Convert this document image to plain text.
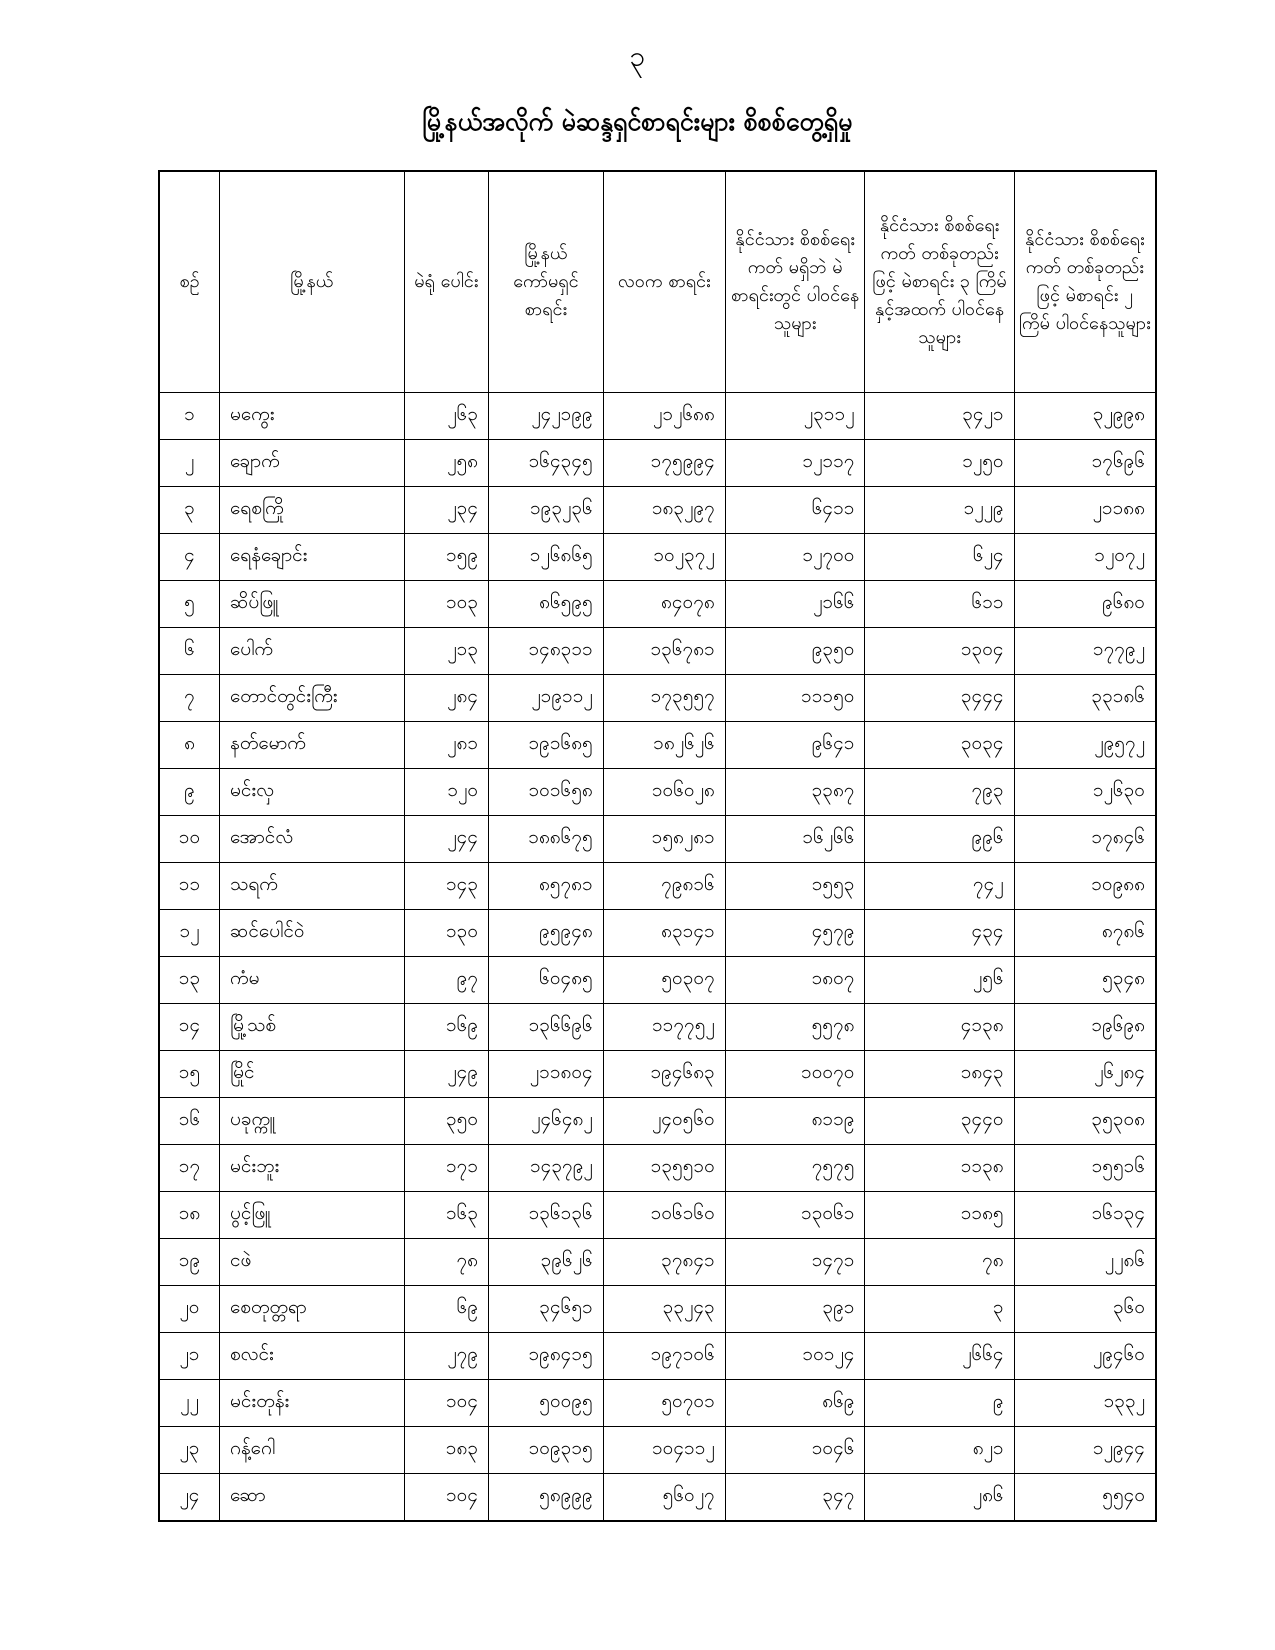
၃
မြို့နယ်အလိုက် မဲဆန္ဒရှင်စာရင်းများ စိစစ်တွေ့ရှိမှု
စဉ်	မြို့နယ်	မဲရုံ ပေါင်း	မြို့နယ် ကော်မရှင် စာရင်း	လဝက စာရင်း	နိုင်ငံသား စိစစ်ရေးကတ် မရှိဘဲ မဲစာရင်းတွင် ပါဝင်နေသူများ	နိုင်ငံသား စိစစ်ရေးကတ် တစ်ခုတည်းဖြင့် မဲစာရင်း ၃ ကြိမ် နှင့်အထက် ပါဝင်နေသူများ	နိုင်ငံသား စိစစ်ရေးကတ် တစ်ခုတည်းဖြင့် မဲစာရင်း ၂ ကြိမ် ပါဝင်နေသူများ
၁	မကွေး	၂၆၃	၂၄၂၁၉၉	၂၁၂၆၈၈	၂၃၁၁၂	၃၄၂၁	၃၂၉၉၈
၂	ချောက်	၂၅၈	၁၆၄၃၄၅	၁၇၅၉၉၄	၁၂၁၁၇	၁၂၅၀	၁၇၆၉၆
၃	ရေစကြို	၂၃၄	၁၉၃၂၃၆	၁၈၃၂၉၇	၆၄၁၁	၁၂၂၉	၂၁၁၈၈
၄	ရေနံချောင်း	၁၅၉	၁၂၆၈၆၅	၁၀၂၃၇၂	၁၂၇၀၀	၆၂၄	၁၂၀၇၂
၅	ဆိပ်ဖြူ	၁၀၃	၈၆၅၉၅	၈၄၀၇၈	၂၁၆၆	၆၁၁	၉၆၈၀
၆	ပေါက်	၂၁၃	၁၄၈၃၁၁	၁၃၆၇၈၁	၉၃၅၀	၁၃၀၄	၁၇၇၉၂
၇	တောင်တွင်းကြီး	၂၈၄	၂၁၉၁၁၂	၁၇၃၅၅၇	၁၁၁၅၀	၃၄၄၄	၃၃၁၈၆
၈	နတ်မောက်	၂၈၁	၁၉၁၆၈၅	၁၈၂၆၂၆	၉၆၄၁	၃၀၃၄	၂၉၅၇၂
၉	မင်းလှ	၁၂၀	၁၀၁၆၅၈	၁၀၆၀၂၈	၃၃၈၇	၇၉၃	၁၂၆၃၀
၁၀	အောင်လံ	၂၄၄	၁၈၈၆၇၅	၁၅၈၂၈၁	၁၆၂၆၆	၉၉၆	၁၇၈၄၆
၁၁	သရက်	၁၄၃	၈၅၇၈၁	၇၉၈၁၆	၁၅၅၃	၇၄၂	၁၀၉၈၈
၁၂	ဆင်ပေါင်ဝဲ	၁၃၀	၉၅၉၄၈	၈၃၁၄၁	၄၅၇၉	၄၃၄	၈၇၈၆
၁၃	ကံမ	၉၇	၆၀၄၈၅	၅၀၃၀၇	၁၈၀၇	၂၅၆	၅၃၄၈
၁၄	မြို့သစ်	၁၆၉	၁၃၆၆၉၆	၁၁၇၇၅၂	၅၅၇၈	၄၁၃၈	၁၉၆၉၈
၁၅	မြိုင်	၂၄၉	၂၁၁၈၀၄	၁၉၄၆၈၃	၁၀၀၇၀	၁၈၄၃	၂၆၂၈၄
၁၆	ပခုက္ကူ	၃၅၀	၂၄၆၄၈၂	၂၄၀၅၆၀	၈၁၁၉	၃၄၄၀	၃၅၃၀၈
၁၇	မင်းဘူး	၁၇၁	၁၄၃၇၉၂	၁၃၅၅၁၀	၇၅၇၅	၁၁၃၈	၁၅၅၁၆
၁၈	ပွင့်ဖြူ	၁၆၃	၁၃၆၁၃၆	၁၀၆၁၆၀	၁၃၀၆၁	၁၁၈၅	၁၆၁၃၄
၁၉	ငဖဲ	၇၈	၃၉၆၂၆	၃၇၈၄၁	၁၄၇၁	၇၈	၂၂၈၆
၂၀	စေတုတ္တရာ	၆၉	၃၄၆၅၁	၃၃၂၄၃	၃၉၁	၃	၃၆၀
၂၁	စလင်း	၂၇၉	၁၉၈၄၁၅	၁၉၇၁၀၆	၁၀၁၂၄	၂၆၆၄	၂၉၄၆၀
၂၂	မင်းတုန်း	၁၀၄	၅၀၀၉၅	၅၀၇၀၁	၈၆၉	၉	၁၃၃၂
၂၃	ဂန့်ဂေါ	၁၈၃	၁၀၉၃၁၅	၁၀၄၁၁၂	၁၀၄၆	၈၂၁	၁၂၉၄၄
၂၄	ဆော	၁၀၄	၅၈၉၉၉	၅၆၀၂၇	၃၄၇	၂၈၆	၅၅၄၀
